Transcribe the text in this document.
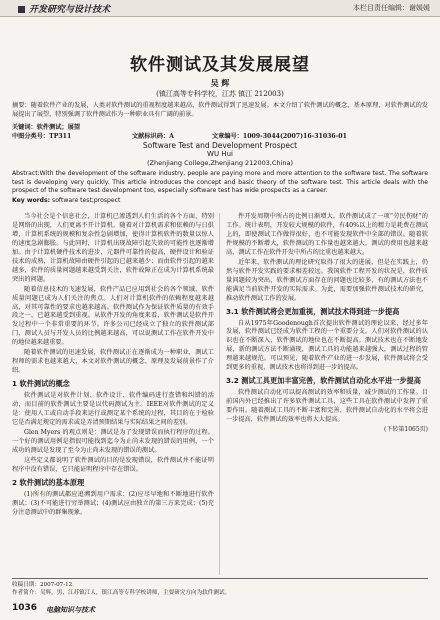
开发研究与设计技术	本栏目责任编辑：谢媛媛
软件测试及其发展展望
吴 辉
(镇江高等专科学校，江苏 镇江 212003)
摘要：随着软件产业的发展，人类对软件测试的重视程度越来越高，软件测试得到了迅速发展。本文介绍了软件测试的概念、基本原理，对软件测试的发展提出了展望，特别强调了软件测试作为一种职业具有广阔的前景。
关键词：软件测试；展望
中图分类号：TP311	文献标识码：A	文章编号：1009-3044(2007)16-31036-01
Software Test and Development Prospect
WU Hui
(Zhenjiang College,Zhenjiang 212003,China)
Abstract:With the development of the software industry, people are paying more and more attention to the software test. The software test is developing very quickly. This article introduces the concept and basic theory of the software test. This article deals with the prospect of the software test development too, especially software test has wide prospects as a career.
Key words: software test;prospect

当今社会是个信息社会，计算机已渗透到人们生活的各个方面，特别是网络的出现，人们更离不开计算机。随着对计算机需求和依赖的与日俱增，计算机系统的规模和复杂性急剧增加，使得计算机软件的数量以惊人的速度急剧膨胀。与此同时，计算机出现故障引起失效的可能性也逐渐增加。由于计算机硬件技术的进步，元器件可靠性的提高，硬件设计和验证技术的成熟，计算机故障由硬件引起的已越来越少；而由软件引起的越来越多，软件的质量问题越来越受到关注，软件故障正在成为计算机系统最突出的问题。

随着信息技术的飞速发展，软件产品已应用到社会的各个领域，软件质量问题已成为人们关注的焦点。人们对计算机软件的依赖程度越来越高，对其可靠性的要求也越来越高。软件测试作为保证软件质量的有效手段之一，已越来越受到重视。从软件开发的角度来看，软件测试是软件开发过程中一个非常重要的环节。许多公司已经成立了独立的软件测试部门，测试人员与开发人员的比例越来越高，可以说测试工作在软件开发中的地位越来越重要。

随着软件测试的迅速发展，软件测试正在逐渐成为一种职业，测试工程师的需求也越来越大，本文对软件测试的概念、原理及发展前景作了介绍。

1 软件测试的概念

软件测试是对软件计划、软件设计、软件编码进行查错和纠错的活动，而目前的软件测试主要是以代码测试为主。IEEE对软件测试的定义是：使用人工或自动手段来运行或测定某个系统的过程，其目的在于检验它是否满足规定的需求或是弄清预期结果与实际结果之间的差别。

Glen Myers 的观点则是：测试是为了发现错误而执行程序的过程。一个好的测试用例是指很可能找到迄今为止尚未发现的错误的用例，一个成功的测试是发现了至今为止尚未发现的错误的测试。

这些定义都说明了软件测试的目的是发现错误，软件测试并不能证明程序中没有错误，它只能证明程序中存在错误。

2 软件测试的基本原理

(1)所有的测试都应追溯到用户需求；(2)应尽早地和不断地进行软件测试；(3)不可能进行穷举测试；(4)测试应由独立的第三方来完成；(5)充分注意测试中的群集现象。

件开发周期中所占的比例日渐增大。软件测试成了一项“劳民伤财”的工作。统计表明，开发较大规模的软件，有40%以上的精力是耗费在测试上的，即使测试工作做得很好，也不可能发现软件中全部的错误。随着软件规模的不断增大，软件测试的工作量也越来越大，测试的费用也越来越高，测试工作在软件开发中所占的比重也越来越大。

近年来，软件测试的理论研究取得了很大的进展，但是在实践上，仍然与软件开发实践的要求相差较远。我国软件工程开发的状况是，软件质量问题较为突出，软件测试方面存在的问题也比较多，有的测试方法也不能满足当前软件开发的实际需求。为此，需要加强软件测试技术的研究，推动软件测试工作的发展。

3.1 软件测试将会更加重视，测试技术得到进一步提高

自从1975年Goodenough首次提出软件测试的理论以来，经过多年发展，软件测试已经成为软件工程的一个重要分支。人们对软件测试的认识也在不断深入，软件测试的地位也在不断提高。测试技术也在不断地发展，新的测试方法不断涌现，测试工具的功能越来越强大，测试过程的管理越来越规范。可以预见，随着软件产业的进一步发展，软件测试将会受到更多的重视，测试技术也将得到进一步的提高。

3.2 测试工具更加丰富完善，软件测试自动化水平进一步提高

软件测试自动化可以提高测试的效率和质量，减少测试的工作量。目前国内外已经推出了许多软件测试工具，这些工具在软件测试中发挥了重要作用。随着测试工具的不断丰富和完善，软件测试自动化的水平将会进一步提高，软件测试的效率也将大大提高。

(下转第1065页)
收稿日期：2007-07-12
作者简介：吴辉，男，江苏镇江人，镇江高等专科学校讲师，主要研究方向为软件测试。
1036 电脑知识与技术
